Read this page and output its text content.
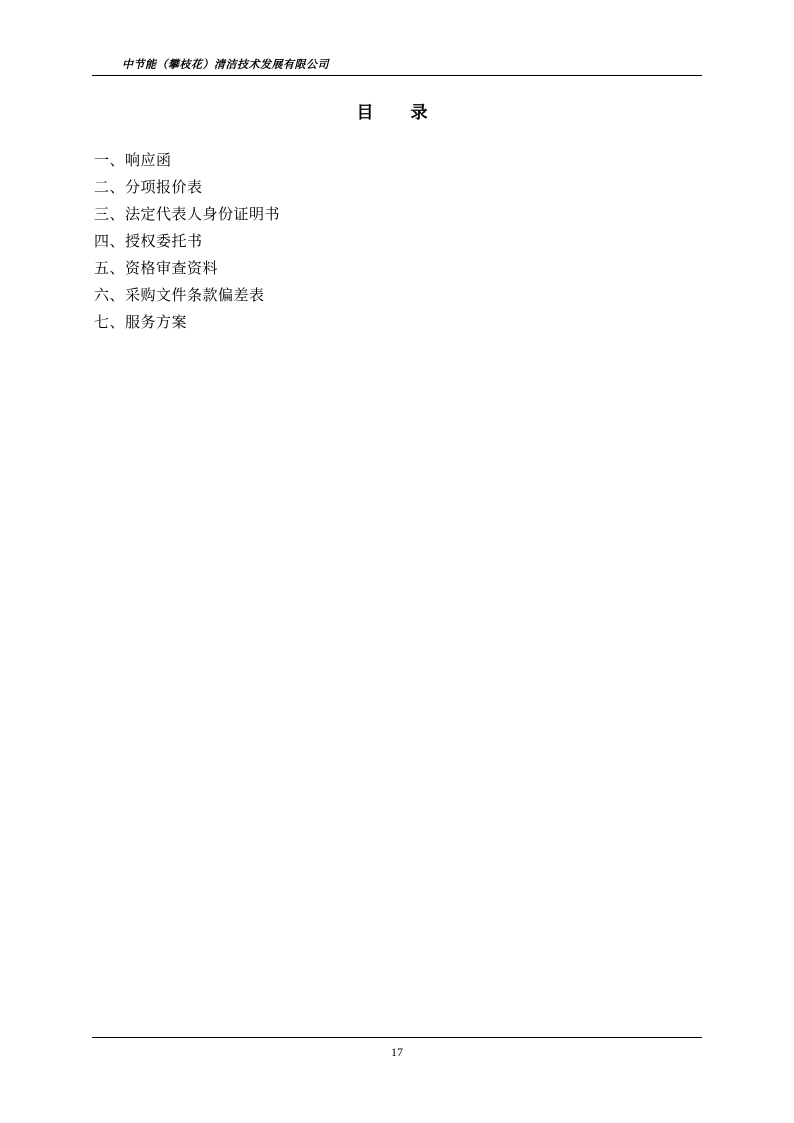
中节能（攀枝花）清洁技术发展有限公司
目　录
一、响应函
二、分项报价表
三、法定代表人身份证明书
四、授权委托书
五、资格审查资料
六、采购文件条款偏差表
七、服务方案
17
